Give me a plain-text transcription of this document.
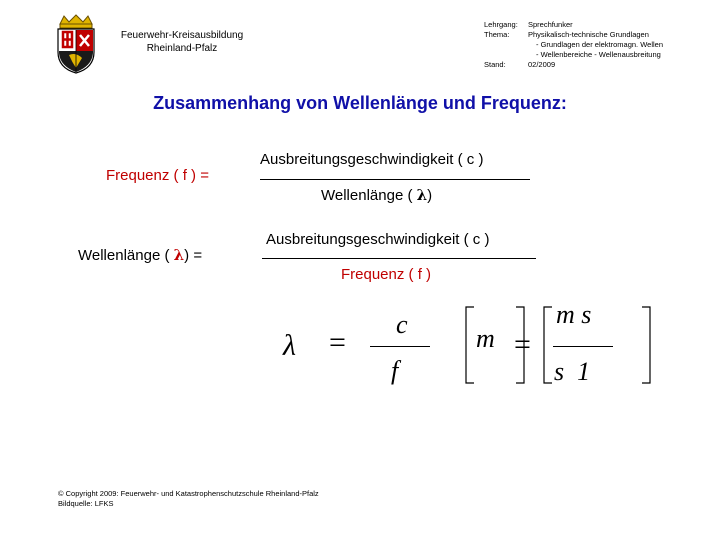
Feuerwehr-Kreisausbildung
Rheinland-Pfalz
Lehrgang:	Sprechfunker
Thema:	Physikalisch-technische Grundlagen
- Grundlagen der elektromagn. Wellen
- Wellenbereiche - Wellenausbreitung
Stand:	02/2009
Zusammenhang von Wellenlänge und Frequenz:
Frequenz ( f ) =
Ausbreitungsgeschwindigkeit ( c )
Wellenlänge ( λ)
Wellenlänge ( λ) =
Ausbreitungsgeschwindigkeit ( c )
Frequenz ( f )
λ =
c
f
m =
m s
s  1
© Copyright 2009: Feuerwehr- und Katastrophenschutzschule Rheinland-Pfalz
Bildquelle: LFKS
